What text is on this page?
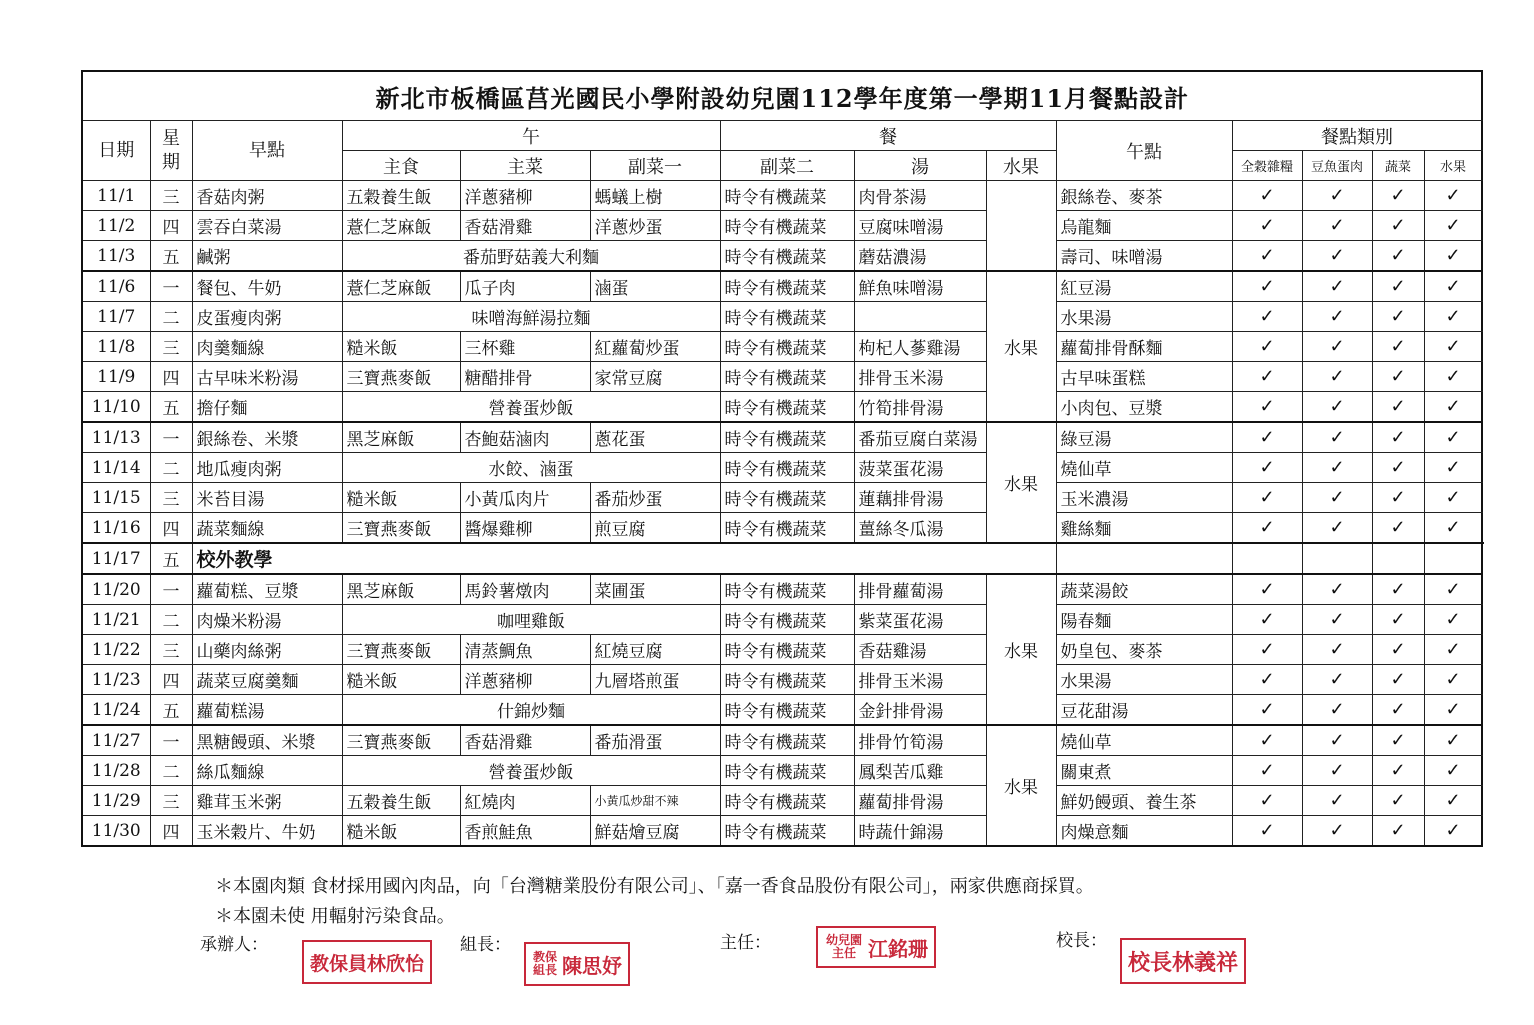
新北市板橋區莒光國民小學附設幼兒園112學年度第一學期11月餐點設計														
日期	星期	早點	午			餐			午點	餐點類別				
			主食	主菜	副菜一	副菜二	湯	水果		全穀雜糧	豆魚蛋肉	蔬菜	水果	
11/1	三	香菇肉粥	五穀養生飯	洋蔥豬柳	螞蟻上樹	時令有機蔬菜	肉骨茶湯		銀絲卷、麥茶	✓	✓	✓	✓	
11/2	四	雲吞白菜湯	薏仁芝麻飯	香菇滑雞	洋蔥炒蛋	時令有機蔬菜	豆腐味噌湯		烏龍麵	✓	✓	✓	✓	
11/3	五	鹹粥	番茄野菇義大利麵			時令有機蔬菜	蘑菇濃湯		壽司、味噌湯	✓	✓	✓	✓	
11/6	一	餐包、牛奶	薏仁芝麻飯	瓜子肉	滷蛋	時令有機蔬菜	鮮魚味噌湯	水果	紅豆湯	✓	✓	✓	✓	
11/7	二	皮蛋瘦肉粥	味噌海鮮湯拉麵			時令有機蔬菜			水果湯	✓	✓	✓	✓	
11/8	三	肉羹麵線	糙米飯	三杯雞	紅蘿蔔炒蛋	時令有機蔬菜	枸杞人蔘雞湯		蘿蔔排骨酥麵	✓	✓	✓	✓	
11/9	四	古早味米粉湯	三寶燕麥飯	糖醋排骨	家常豆腐	時令有機蔬菜	排骨玉米湯		古早味蛋糕	✓	✓	✓	✓	
11/10	五	擔仔麵	營養蛋炒飯			時令有機蔬菜	竹筍排骨湯		小肉包、豆漿	✓	✓	✓	✓	
11/13	一	銀絲卷、米漿	黑芝麻飯	杏鮑菇滷肉	蔥花蛋	時令有機蔬菜	番茄豆腐白菜湯	水果	綠豆湯	✓	✓	✓	✓	
11/14	二	地瓜瘦肉粥	水餃、滷蛋			時令有機蔬菜	菠菜蛋花湯		燒仙草	✓	✓	✓	✓	
11/15	三	米苔目湯	糙米飯	小黃瓜肉片	番茄炒蛋	時令有機蔬菜	蓮藕排骨湯		玉米濃湯	✓	✓	✓	✓	
11/16	四	蔬菜麵線	三寶燕麥飯	醬爆雞柳	煎豆腐	時令有機蔬菜	薑絲冬瓜湯		雞絲麵	✓	✓	✓	✓	
11/17	五	校外教學												
11/20	一	蘿蔔糕、豆漿	黑芝麻飯	馬鈴薯燉肉	菜圃蛋	時令有機蔬菜	排骨蘿蔔湯	水果	蔬菜湯餃	✓	✓	✓	✓	
11/21	二	肉燥米粉湯	咖哩雞飯			時令有機蔬菜	紫菜蛋花湯		陽春麵	✓	✓	✓	✓	
11/22	三	山藥肉絲粥	三寶燕麥飯	清蒸鯛魚	紅燒豆腐	時令有機蔬菜	香菇雞湯		奶皇包、麥茶	✓	✓	✓	✓	
11/23	四	蔬菜豆腐羹麵	糙米飯	洋蔥豬柳	九層塔煎蛋	時令有機蔬菜	排骨玉米湯		水果湯	✓	✓	✓	✓	
11/24	五	蘿蔔糕湯	什錦炒麵			時令有機蔬菜	金針排骨湯		豆花甜湯	✓	✓	✓	✓	
11/27	一	黑糖饅頭、米漿	三寶燕麥飯	香菇滑雞	番茄滑蛋	時令有機蔬菜	排骨竹筍湯	水果	燒仙草	✓	✓	✓	✓	
11/28	二	絲瓜麵線	營養蛋炒飯			時令有機蔬菜	鳳梨苦瓜雞		關東煮	✓	✓	✓	✓	
11/29	三	雞茸玉米粥	五穀養生飯	紅燒肉	小黃瓜炒甜不辣	時令有機蔬菜	蘿蔔排骨湯		鮮奶饅頭、養生茶	✓	✓	✓	✓	
11/30	四	玉米穀片、牛奶	糙米飯	香煎鮭魚	鮮菇燴豆腐	時令有機蔬菜	時蔬什錦湯		肉燥意麵	✓	✓	✓	✓	
＊本園肉類 食材採用國內肉品，向「台灣糖業股份有限公司」、「嘉一香食品股份有限公司」，兩家供應商採買。
＊本園未使 用輻射污染食品。
承辦人：
教保員林欣怡
組長：
教保組長 陳思妤
主任：	幼兒園主任 江銘珊	校長：
校長林義祥
